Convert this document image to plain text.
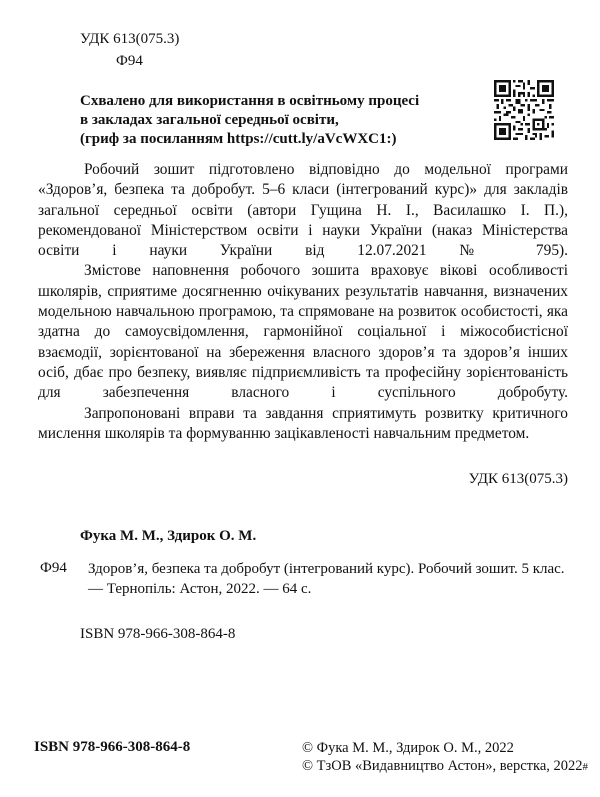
УДК 613(075.3)

Ф94

Схвалено для використання в освітньому процесі
в закладах загальної середньої освіти,
(гриф за посиланням https://cutt.ly/aVcWXC1:)

Робочий зошит підготовлено відповідно до модельної програми «Здоров’я, безпека та добробут. 5–6 класи (інтегрований курс)» для закладів загальної середньої освіти (автори Гущина Н. І., Василашко І. П.), рекомендованої Міністерством освіти і науки України (наказ Міністерства освіти і науки України від 12.07.2021 № 795).

Змістове наповнення робочого зошита враховує вікові особливості школярів, сприятиме досягненню очікуваних результатів навчання, визначених модельною навчальною програмою, та спрямоване на розвиток особистості, яка здатна до самоусвідомлення, гармонійної соціальної і міжособистісної взаємодії, зорієнтованої на збереження власного здоров’я та здоров’я інших осіб, дбає про безпеку, виявляє підприємливість та професійну зорієнтованість для забезпечення власного і суспільного добробуту.

Запропоновані вправи та завдання сприятимуть розвитку критичного мислення школярів та формуванню зацікавленості навчальним предметом.

УДК 613(075.3)

Фука М. М., Здирок О. М.

Ф94 Здоров’я, безпека та добробут (інтегрований курс). Робочий зошит. 5 клас. — Тернопіль: Астон, 2022. — 64 с.

ISBN 978-966-308-864-8

ISBN 978-966-308-864-8	© Фука М. М., Здирок О. М., 2022

© ТзОВ «Видавництво Астон», верстка, 2022#
